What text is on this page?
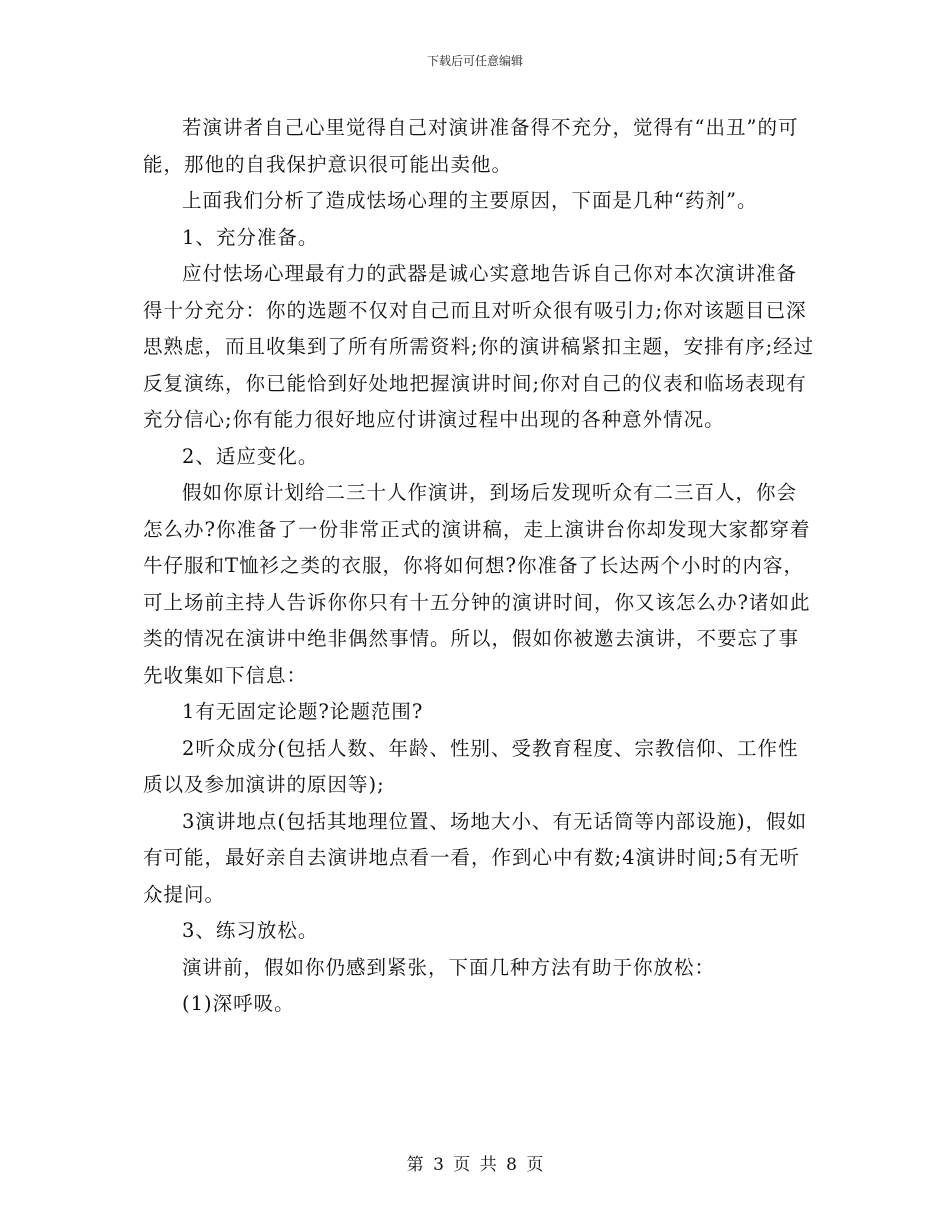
下载后可任意编辑

若演讲者自己心里觉得自己对演讲准备得不充分，觉得有“出丑”的可能，那他的自我保护意识很可能出卖他。

上面我们分析了造成怯场心理的主要原因，下面是几种“药剂”。

1、充分准备。

应付怯场心理最有力的武器是诚心实意地告诉自己你对本次演讲准备得十分充分：你的选题不仅对自己而且对听众很有吸引力;你对该题目已深思熟虑，而且收集到了所有所需资料;你的演讲稿紧扣主题，安排有序;经过反复演练，你已能恰到好处地把握演讲时间;你对自己的仪表和临场表现有充分信心;你有能力很好地应付讲演过程中出现的各种意外情况。

2、适应变化。

假如你原计划给二三十人作演讲，到场后发现听众有二三百人，你会怎么办?你准备了一份非常正式的演讲稿，走上演讲台你却发现大家都穿着牛仔服和T恤衫之类的衣服，你将如何想?你准备了长达两个小时的内容，可上场前主持人告诉你你只有十五分钟的演讲时间，你又该怎么办?诸如此类的情况在演讲中绝非偶然事情。所以，假如你被邀去演讲，不要忘了事先收集如下信息：

1有无固定论题?论题范围?

2听众成分(包括人数、年龄、性别、受教育程度、宗教信仰、工作性质以及参加演讲的原因等);

3演讲地点(包括其地理位置、场地大小、有无话筒等内部设施)，假如有可能，最好亲自去演讲地点看一看，作到心中有数;4演讲时间;5有无听众提问。

3、练习放松。

演讲前，假如你仍感到紧张，下面几种方法有助于你放松：

(1)深呼吸。

第 3 页 共 8 页
